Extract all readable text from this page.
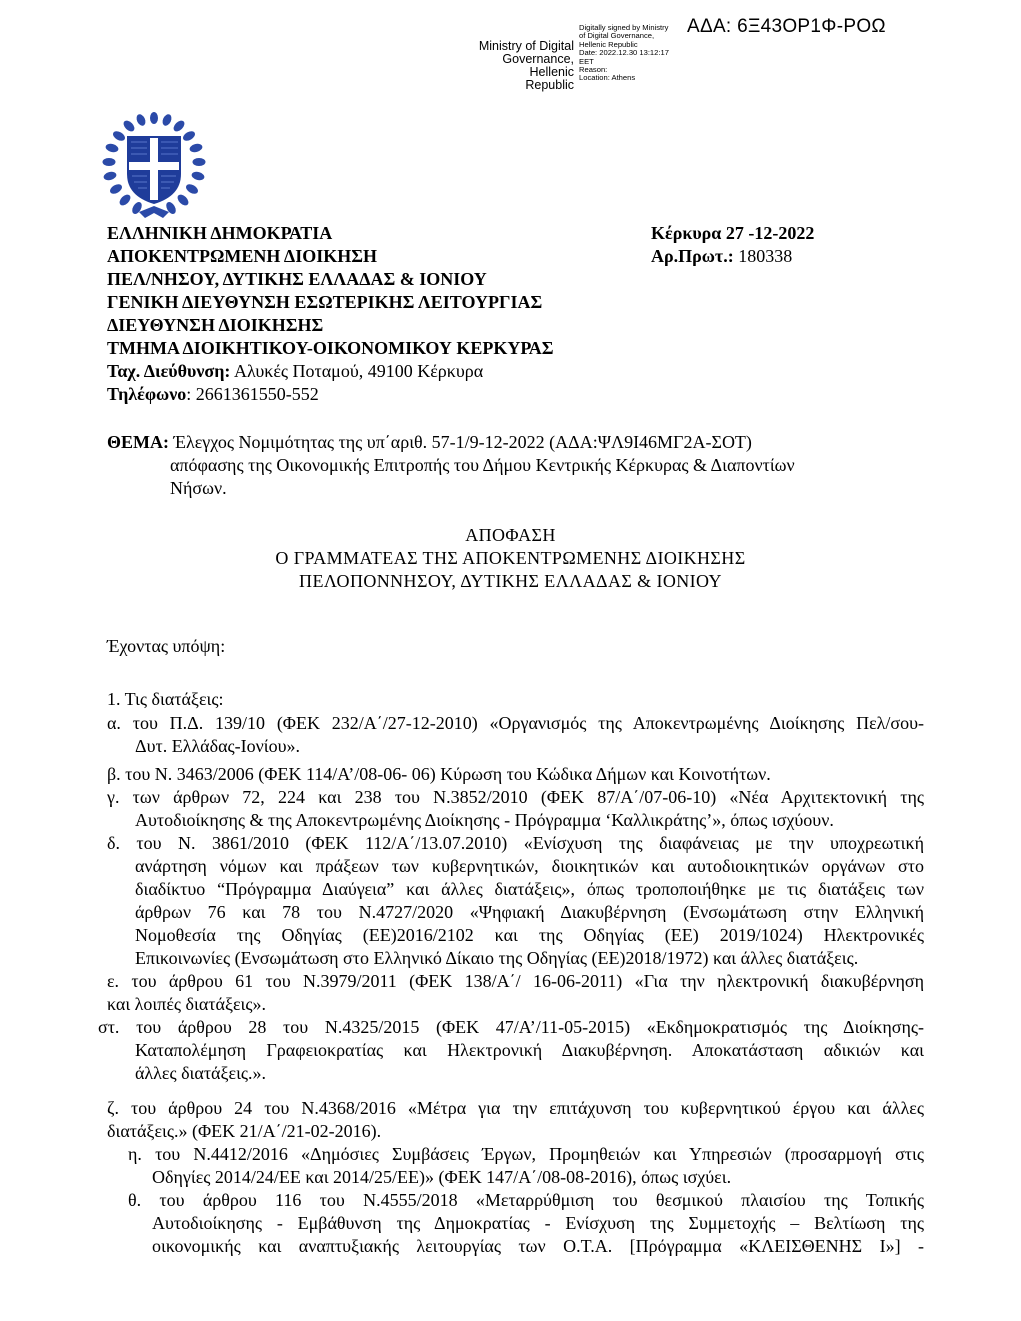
Ministry of Digital
Governance,
Hellenic Republic
Digitally signed by Ministry
of Digital Governance,
Hellenic Republic
Date: 2022.12.30 13:12:17
EET
Reason:
Location: Athens
ΑΔΑ: 6Ξ43ΟΡ1Φ-ΡΟΩ
ΕΛΛΗΝΙΚΗ ΔΗΜΟΚΡΑΤΙΑ
ΑΠΟΚΕΝΤΡΩΜΕΝΗ ΔΙΟΙΚΗΣΗ
ΠΕΛ/ΝΗΣΟΥ, ΔΥΤΙΚΗΣ ΕΛΛΑΔΑΣ & ΙΟΝΙΟΥ
ΓΕΝΙΚΗ ΔΙΕΥΘΥΝΣΗ ΕΣΩΤΕΡΙΚΗΣ ΛΕΙΤΟΥΡΓΙΑΣ
ΔΙΕΥΘΥΝΣΗ ΔΙΟΙΚΗΣΗΣ
ΤΜΗΜΑ ΔΙΟΙΚΗΤΙΚΟΥ-ΟΙΚΟΝΟΜΙΚΟΥ ΚΕΡΚΥΡΑΣ
Ταχ. Διεύθυνση: Αλυκές Ποταμού, 49100 Κέρκυρα
Τηλέφωνο: 2661361550-552
Κέρκυρα 27 -12-2022
Αρ.Πρωτ.: 180338
ΘΕΜΑ: Έλεγχος Νομιμότητας της υπ΄αριθ. 57-1/9-12-2022 (ΑΔΑ:ΨΛ9Ι46ΜΓ2Α-ΣΟΤ)
απόφασης της Οικονομικής Επιτροπής του Δήμου Κεντρικής Κέρκυρας & Διαποντίων
Νήσων.
ΑΠΟΦΑΣΗ
Ο ΓΡΑΜΜΑΤΕΑΣ ΤΗΣ ΑΠΟΚΕΝΤΡΩΜΕΝΗΣ ΔΙΟΙΚΗΣΗΣ
ΠΕΛΟΠΟΝΝΗΣΟΥ, ΔΥΤΙΚΗΣ ΕΛΛΑΔΑΣ & ΙΟΝΙΟΥ
Έχοντας υπόψη:
1. Τις διατάξεις:
α. του Π.Δ. 139/10 (ΦΕΚ 232/Α΄/27-12-2010) «Οργανισμός της Αποκεντρωμένης Διοίκησης Πελ/σου-
Δυτ. Ελλάδας-Ιονίου».
β. του Ν. 3463/2006 (ΦΕΚ 114/Α’/08-06- 06) Κύρωση του Κώδικα Δήμων και Κοινοτήτων.
γ. των άρθρων 72, 224 και 238 του Ν.3852/2010 (ΦΕΚ 87/Α΄/07-06-10) «Νέα Αρχιτεκτονική της
Αυτοδιοίκησης & της Αποκεντρωμένης Διοίκησης - Πρόγραμμα ‘Καλλικράτης’», όπως ισχύουν.
δ. του Ν. 3861/2010 (ΦΕΚ 112/Α΄/13.07.2010) «Ενίσχυση της διαφάνειας με την υποχρεωτική
ανάρτηση νόμων και πράξεων των κυβερνητικών, διοικητικών και αυτοδιοικητικών οργάνων στο
διαδίκτυο “Πρόγραμμα Διαύγεια” και άλλες διατάξεις», όπως τροποποιήθηκε με τις διατάξεις των
άρθρων 76 και 78 του Ν.4727/2020 «Ψηφιακή Διακυβέρνηση (Ενσωμάτωση στην Ελληνική
Νομοθεσία της Οδηγίας (ΕΕ)2016/2102 και της Οδηγίας (ΕΕ) 2019/1024) Ηλεκτρονικές
Επικοινωνίες (Ενσωμάτωση στο Ελληνικό Δίκαιο της Οδηγίας (ΕΕ)2018/1972) και άλλες διατάξεις.
ε. του άρθρου 61 του Ν.3979/2011 (ΦΕΚ 138/Α΄/ 16-06-2011) «Για την ηλεκτρονική διακυβέρνηση
και λοιπές διατάξεις».
στ. του άρθρου 28 του Ν.4325/2015 (ΦΕΚ 47/Α’/11-05-2015) «Εκδημοκρατισμός της Διοίκησης-
Καταπολέμηση Γραφειοκρατίας και Ηλεκτρονική Διακυβέρνηση. Αποκατάσταση αδικιών και
άλλες διατάξεις.».
ζ. του άρθρου 24 του Ν.4368/2016 «Μέτρα για την επιτάχυνση του κυβερνητικού έργου και άλλες
διατάξεις.» (ΦΕΚ 21/Α΄/21-02-2016).
η. του Ν.4412/2016 «Δημόσιες Συμβάσεις Έργων, Προμηθειών και Υπηρεσιών (προσαρμογή στις
Οδηγίες 2014/24/ΕΕ και 2014/25/ΕΕ)» (ΦΕΚ 147/Α΄/08-08-2016), όπως ισχύει.
θ. του άρθρου 116 του Ν.4555/2018 «Μεταρρύθμιση του θεσμικού πλαισίου της Τοπικής
Αυτοδιοίκησης - Εμβάθυνση της Δημοκρατίας - Ενίσχυση της Συμμετοχής – Βελτίωση της
οικονομικής και αναπτυξιακής λειτουργίας των Ο.Τ.Α. [Πρόγραμμα «ΚΛΕΙΣΘΕΝΗΣ Ι»] -
